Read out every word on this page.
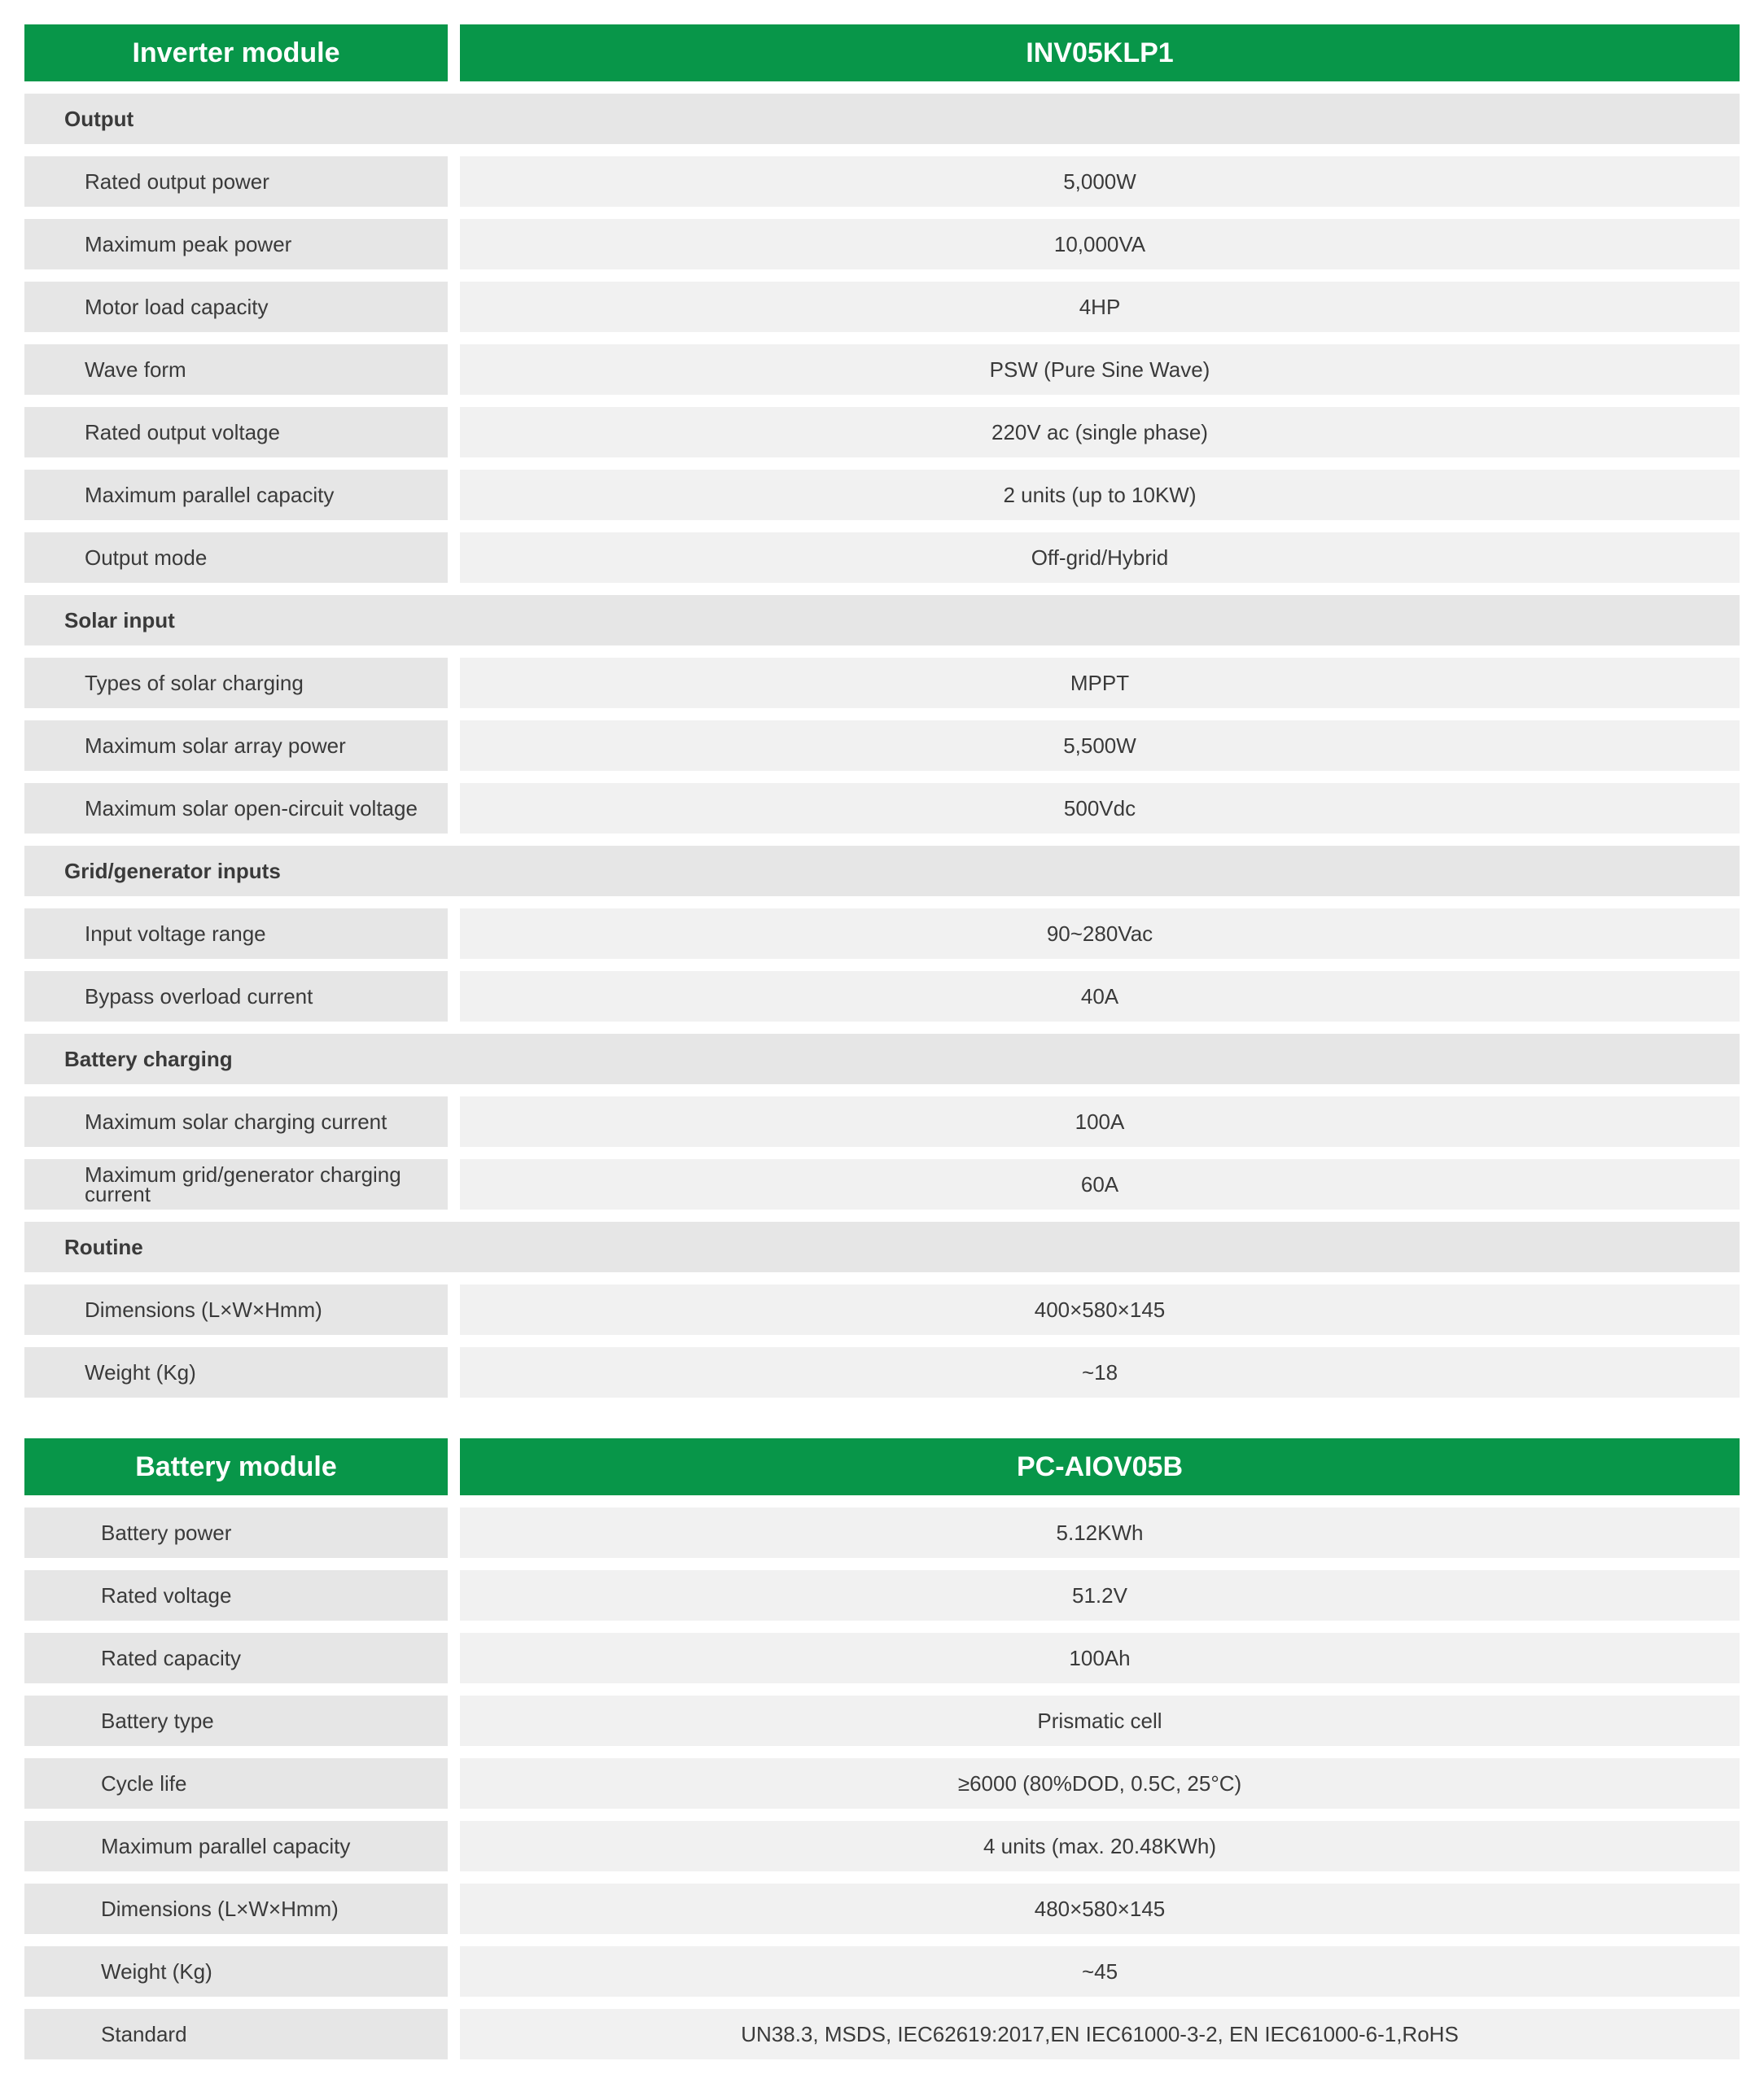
Inverter module	INV05KLP1
Output
Rated output power	5,000W
Maximum peak power	10,000VA
Motor load capacity	4HP
Wave form	PSW (Pure Sine Wave)
Rated output voltage	220V ac (single phase)
Maximum parallel capacity	2 units (up to 10KW)
Output mode	Off-grid/Hybrid
Solar input
Types of solar charging	MPPT
Maximum solar array power	5,500W
Maximum solar open-circuit voltage	500Vdc
Grid/generator inputs
Input voltage range	90~280Vac
Bypass overload current	40A
Battery charging
Maximum solar charging current	100A
Maximum grid/generator charging current	60A
Routine
Dimensions (L×W×Hmm)	400×580×145
Weight (Kg)	~18
Battery module	PC-AIOV05B
Battery power	5.12KWh
Rated voltage	51.2V
Rated capacity	100Ah
Battery type	Prismatic cell
Cycle life	≥6000 (80%DOD, 0.5C, 25°C)
Maximum parallel capacity	4 units (max. 20.48KWh)
Dimensions (L×W×Hmm)	480×580×145
Weight (Kg)	~45
Standard	UN38.3, MSDS, IEC62619:2017,EN IEC61000-3-2, EN IEC61000-6-1,RoHS
